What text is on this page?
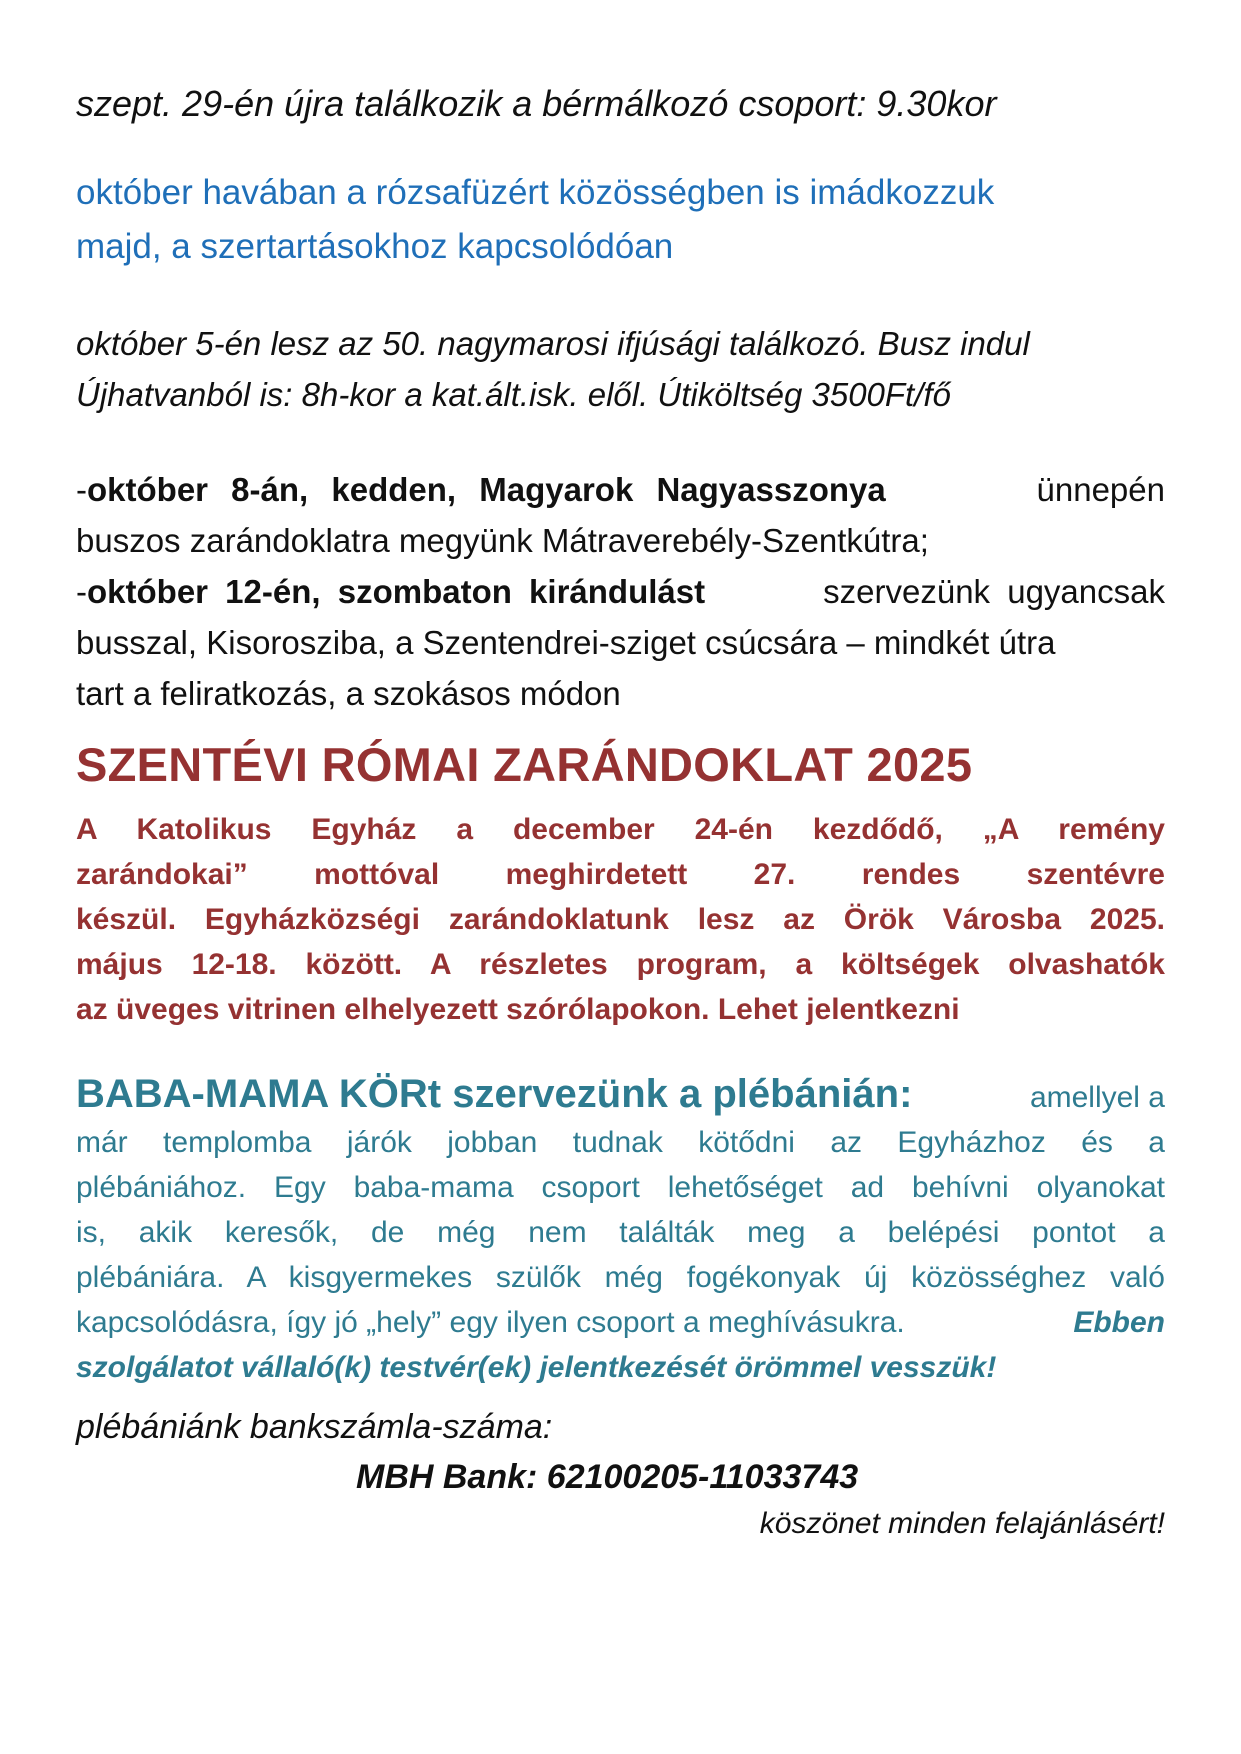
szept. 29-én újra találkozik a bérmálkozó csoport: 9.30kor

október havában a rózsafüzért közösségben is imádkozzuk
majd, a szertartásokhoz kapcsolódóan

október 5-én lesz az 50. nagymarosi ifjúsági találkozó. Busz indul
Újhatvanból is: 8h-kor a kat.ált.isk. elől. Útiköltség 3500Ft/fő

-október 8-án, kedden, Magyarok Nagyasszonya	ünnepén
buszos zarándoklatra megyünk Mátraverebély-Szentkútra;
-október 12-én, szombaton kirándulást	szervezünk ugyancsak
busszal, Kisoroszibа, a Szentendrei-sziget csúcsára – mindkét útra
tart a feliratkozás, a szokásos módon
SZENTÉVI RÓMAI ZARÁNDOKLAT 2025
A Katolikus Egyház a december 24-én kezdődő, „A remény
zarándokai” mottóval meghirdetett 27. rendes szentévre
készül. Egyházközségi zarándoklatunk lesz az Örök Városba 2025.
május 12-18. között. A részletes program, a költségek olvashatók
az üveges vitrinen elhelyezett szórólapokon. Lehet jelentkezni
BABA-MAMA KÖRt szervezünk a plébánián:	amellyel a
már templomba járók jobban tudnak kötődni az Egyházhoz és a
plébániához. Egy baba-mama csoport lehetőséget ad behívni olyanokat
is, akik keresők, de még nem találták meg a belépési pontot a
plébániára. A kisgyermekes szülők még fogékonyak új közösséghez való
kapcsolódásra, így jó „hely” egy ilyen csoport a meghívásukra.	Ebben
szolgálatot vállaló(k) testvér(ek) jelentkezését örömmel vesszük!

plébániánk bankszámla-száma:

MBH Bank: 62100205-11033743

köszönet minden felajánlásért!
